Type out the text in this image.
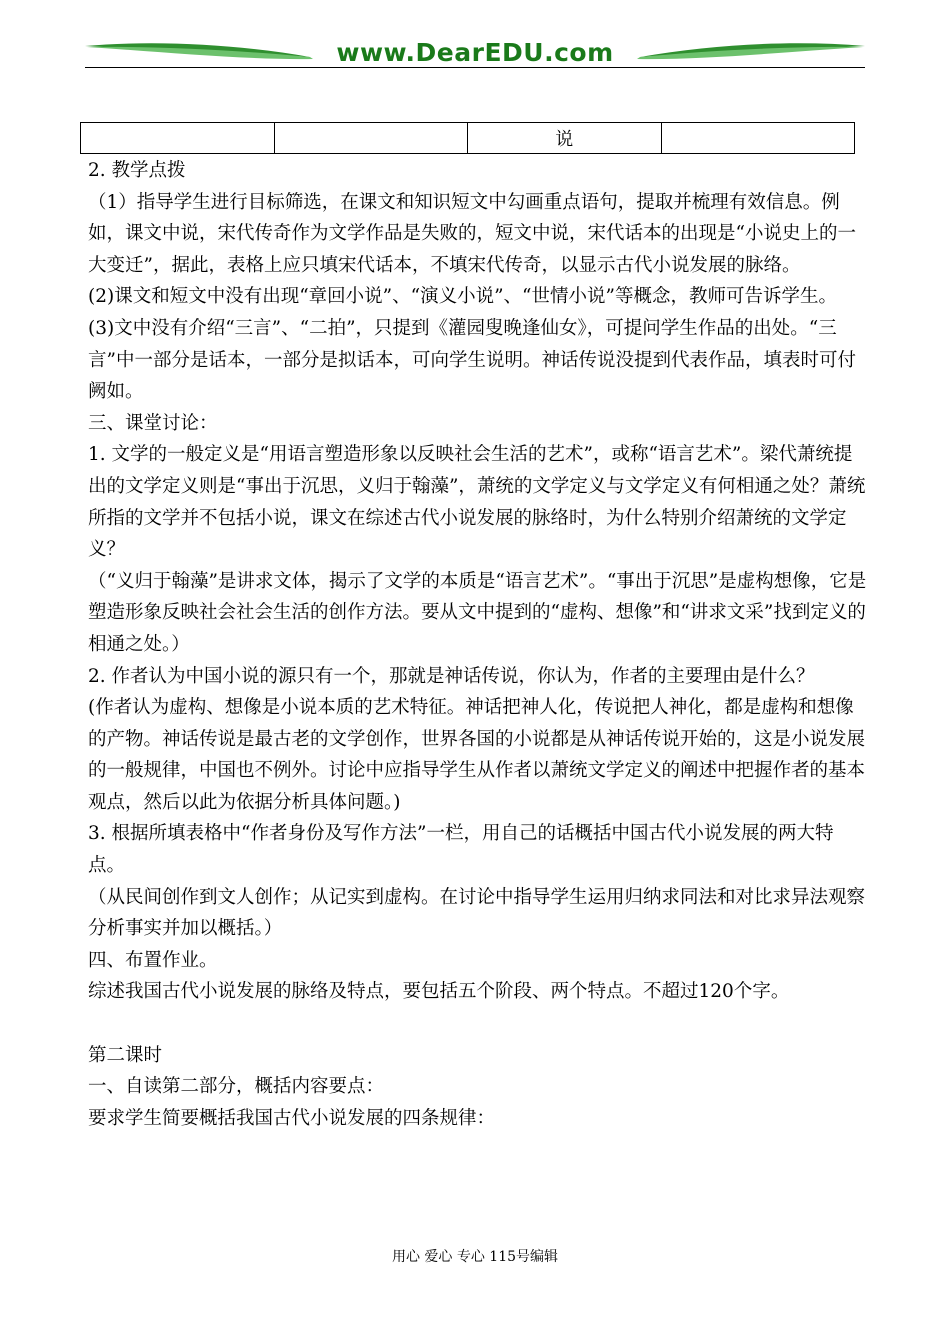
www.DearEDU.com
		说	

2. 教学点拨

（1）指导学生进行目标筛选，在课文和知识短文中勾画重点语句，提取并梳理有效信息。例如，课文中说，宋代传奇作为文学作品是失败的，短文中说，宋代话本的出现是“小说史上的一大变迁”，据此，表格上应只填宋代话本，不填宋代传奇，以显示古代小说发展的脉络。

(2)课文和短文中没有出现“章回小说”、“演义小说”、“世情小说”等概念，教师可告诉学生。

(3)文中没有介绍“三言”、“二拍”，只提到《灌园叟晚逢仙女》，可提问学生作品的出处。“三言”中一部分是话本，一部分是拟话本，可向学生说明。神话传说没提到代表作品，填表时可付阙如。

三、课堂讨论：

1. 文学的一般定义是“用语言塑造形象以反映社会生活的艺术”，或称“语言艺术”。梁代萧统提出的文学定义则是“事出于沉思，义归于翰藻”，萧统的文学定义与文学定义有何相通之处？萧统所指的文学并不包括小说，课文在综述古代小说发展的脉络时，为什么特别介绍萧统的文学定义？

（“义归于翰藻”是讲求文体，揭示了文学的本质是“语言艺术”。“事出于沉思”是虚构想像，它是塑造形象反映社会社会生活的创作方法。要从文中提到的“虚构、想像”和“讲求文采”找到定义的相通之处。）

2. 作者认为中国小说的源只有一个，那就是神话传说，你认为，作者的主要理由是什么？

(作者认为虚构、想像是小说本质的艺术特征。神话把神人化，传说把人神化，都是虚构和想像的产物。神话传说是最古老的文学创作，世界各国的小说都是从神话传说开始的，这是小说发展的一般规律，中国也不例外。讨论中应指导学生从作者以萧统文学定义的阐述中把握作者的基本观点，然后以此为依据分析具体问题。)

3. 根据所填表格中“作者身份及写作方法”一栏，用自己的话概括中国古代小说发展的两大特点。

（从民间创作到文人创作；从记实到虚构。在讨论中指导学生运用归纳求同法和对比求异法观察分析事实并加以概括。）

四、布置作业。

综述我国古代小说发展的脉络及特点，要包括五个阶段、两个特点。不超过120个字。

第二课时

一、自读第二部分，概括内容要点：

要求学生简要概括我国古代小说发展的四条规律：

用心 爱心 专心 115号编辑
